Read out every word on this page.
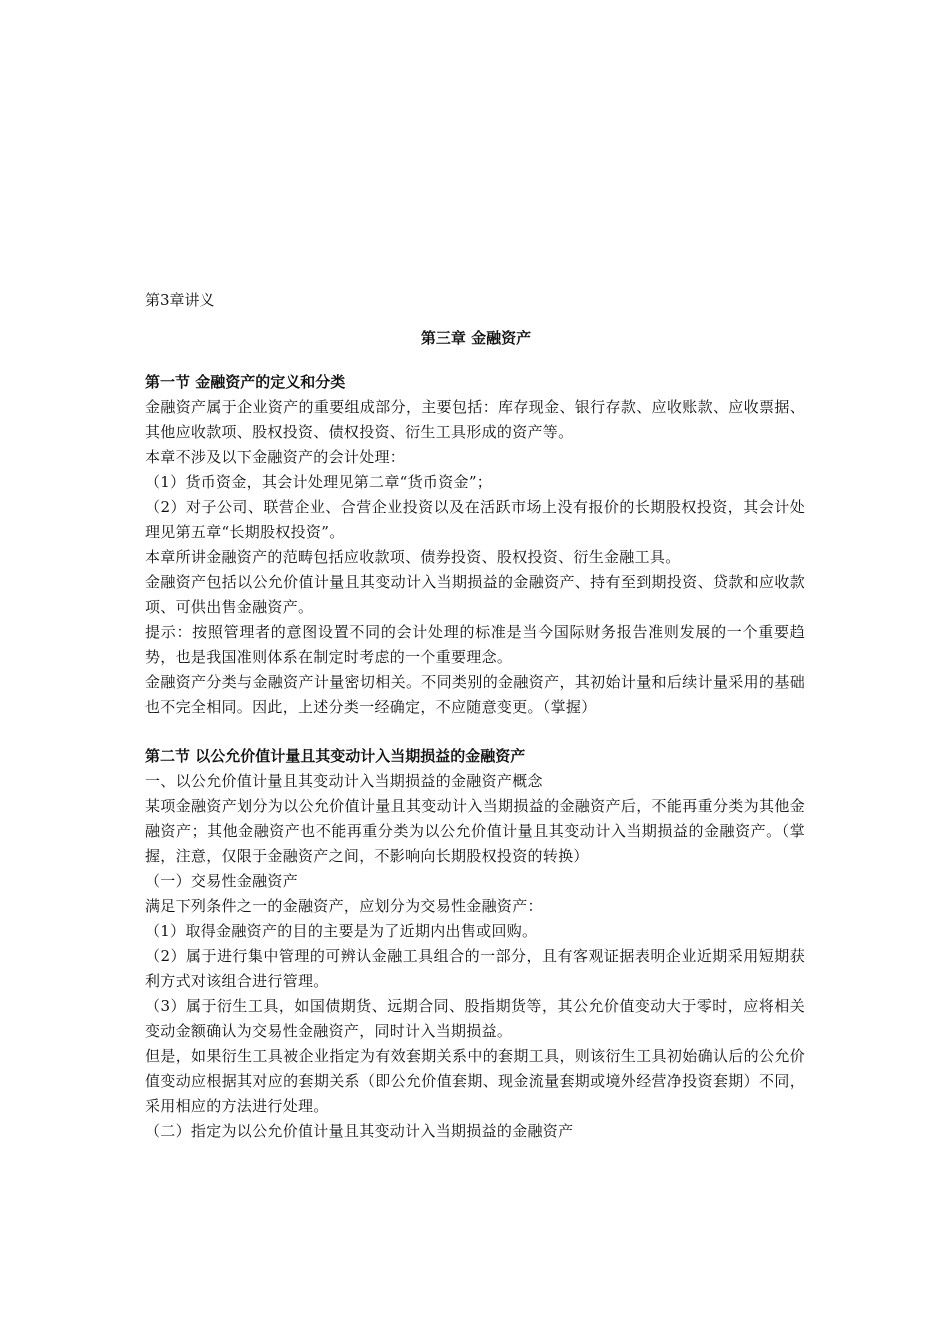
第3章讲义
第三章 金融资产
第一节 金融资产的定义和分类

金融资产属于企业资产的重要组成部分，主要包括：库存现金、银行存款、应收账款、应收票据、其他应收款项、股权投资、债权投资、衍生工具形成的资产等。

本章不涉及以下金融资产的会计处理：

（1）货币资金，其会计处理见第二章“货币资金”；

（2）对子公司、联营企业、合营企业投资以及在活跃市场上没有报价的长期股权投资，其会计处理见第五章“长期股权投资”。

本章所讲金融资产的范畴包括应收款项、债券投资、股权投资、衍生金融工具。

金融资产包括以公允价值计量且其变动计入当期损益的金融资产、持有至到期投资、贷款和应收款项、可供出售金融资产。

提示：按照管理者的意图设置不同的会计处理的标准是当今国际财务报告准则发展的一个重要趋势，也是我国准则体系在制定时考虑的一个重要理念。

金融资产分类与金融资产计量密切相关。不同类别的金融资产，其初始计量和后续计量采用的基础也不完全相同。因此，上述分类一经确定，不应随意变更。（掌握）

第二节 以公允价值计量且其变动计入当期损益的金融资产

一、以公允价值计量且其变动计入当期损益的金融资产概念

某项金融资产划分为以公允价值计量且其变动计入当期损益的金融资产后，不能再重分类为其他金融资产；其他金融资产也不能再重分类为以公允价值计量且其变动计入当期损益的金融资产。（掌握，注意，仅限于金融资产之间，不影响向长期股权投资的转换）

（一）交易性金融资产

满足下列条件之一的金融资产，应划分为交易性金融资产：

（1）取得金融资产的目的主要是为了近期内出售或回购。

（2）属于进行集中管理的可辨认金融工具组合的一部分，且有客观证据表明企业近期采用短期获利方式对该组合进行管理。

（3）属于衍生工具，如国债期货、远期合同、股指期货等，其公允价值变动大于零时，应将相关变动金额确认为交易性金融资产，同时计入当期损益。

但是，如果衍生工具被企业指定为有效套期关系中的套期工具，则该衍生工具初始确认后的公允价值变动应根据其对应的套期关系（即公允价值套期、现金流量套期或境外经营净投资套期）不同，采用相应的方法进行处理。

（二）指定为以公允价值计量且其变动计入当期损益的金融资产
